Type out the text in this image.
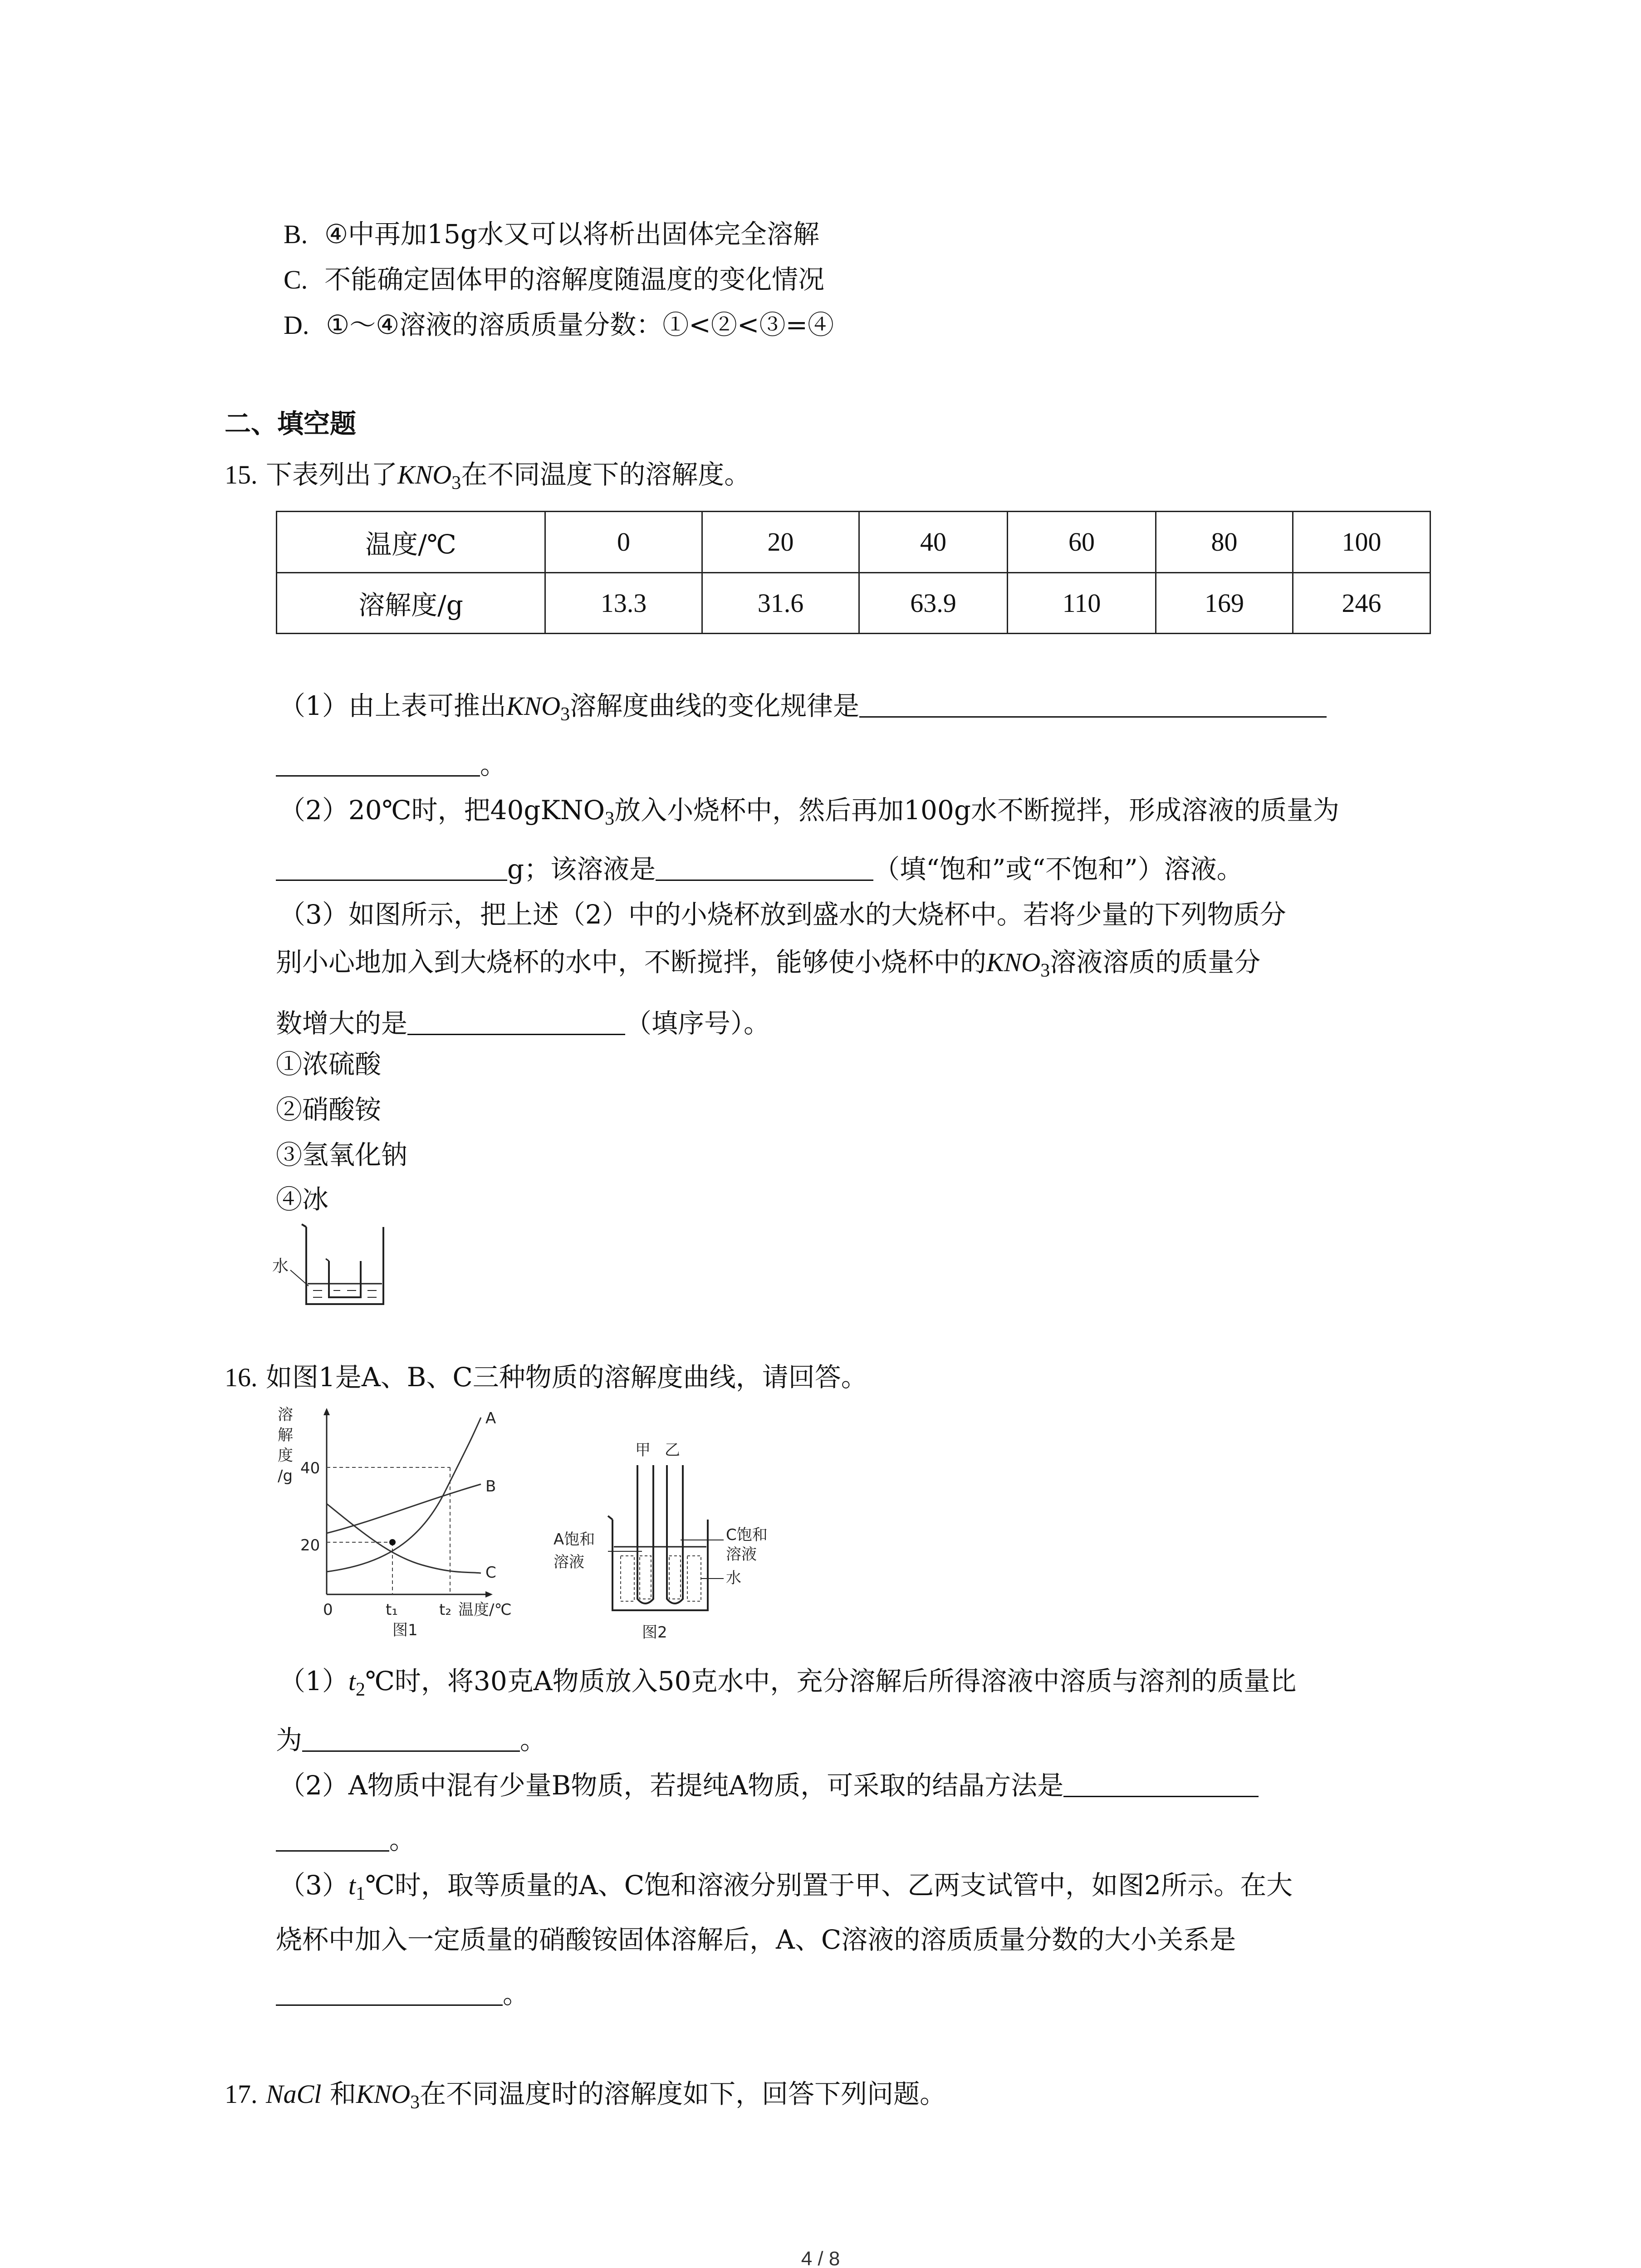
B. ④中再加15g水又可以将析出固体完全溶解
C. 不能确定固体甲的溶解度随温度的变化情况
D. ①～④溶液的溶质质量分数：①<②<③=④
二、填空题
15. 下表列出了$KNO_3$在不同温度下的溶解度。
温度/℃	0	20	40	60	80	100
溶解度/g	13.3	31.6	63.9	110	169	246
（1）由上表可推出$KNO_3$溶解度曲线的变化规律是
。
（2）20℃时，把40gKNO$_3$放入小烧杯中，然后再加100g水不断搅拌，形成溶液的质量为
g；该溶液是	（填“饱和”或“不饱和”）溶液。
（3）如图所示，把上述（2）中的小烧杯放到盛水的大烧杯中。若将少量的下列物质分
别小心地加入到大烧杯的水中，不断搅拌，能够使小烧杯中的$KNO_3$溶液溶质的质量分
数增大的是	（填序号）。
①浓硫酸
②硝酸铵
③氢氧化钠
④冰
水
16. 如图1是A、B、C三种物质的溶解度曲线，请回答。
溶
解
度
/g 40
20
0	t₁	t₂ 温度/℃
A
B
C
图1
甲 乙
A饱和
溶液
C饱和
溶液
水
图2
$(1)t_2℃$时，将30克A物质放入50克水中，充分溶解后所得溶液中溶质与溶剂的质量比
为	。
（2）A物质中混有少量B物质，若提纯A物质，可采取的结晶方法是
。
$(3)t_1℃$时，取等质量的A、C饱和溶液分别置于甲、乙两支试管中，如图2所示。在大
烧杯中加入一定质量的硝酸铵固体溶解后，A、C溶液的溶质质量分数的大小关系是
。
17. NaCl 和$KNO_3$在不同温度时的溶解度如下，回答下列问题。
4 / 8
